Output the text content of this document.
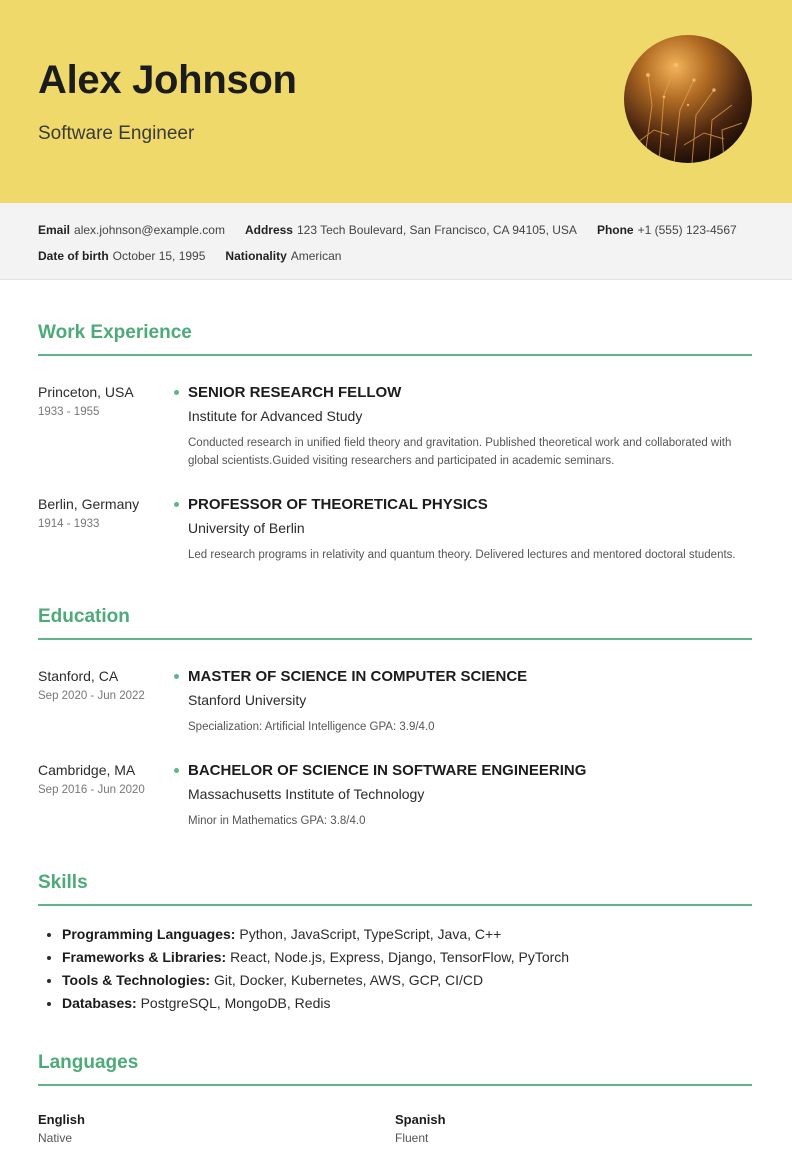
Alex Johnson
Software Engineer
Email alex.johnson@example.com Address 123 Tech Boulevard, San Francisco, CA 94105, USA Phone +1 (555) 123-4567
Date of birth October 15, 1995 Nationality American
Work Experience
Princeton, USA
1933 - 1955
SENIOR RESEARCH FELLOW
Institute for Advanced Study
Conducted research in unified field theory and gravitation. Published theoretical work and collaborated with global scientists.Guided visiting researchers and participated in academic seminars.
Berlin, Germany
1914 - 1933
PROFESSOR OF THEORETICAL PHYSICS
University of Berlin
Led research programs in relativity and quantum theory. Delivered lectures and mentored doctoral students.
Education
Stanford, CA
Sep 2020 - Jun 2022
MASTER OF SCIENCE IN COMPUTER SCIENCE
Stanford University
Specialization: Artificial Intelligence GPA: 3.9/4.0
Cambridge, MA
Sep 2016 - Jun 2020
BACHELOR OF SCIENCE IN SOFTWARE ENGINEERING
Massachusetts Institute of Technology
Minor in Mathematics GPA: 3.8/4.0
Skills
• Programming Languages: Python, JavaScript, TypeScript, Java, C++
• Frameworks & Libraries: React, Node.js, Express, Django, TensorFlow, PyTorch
• Tools & Technologies: Git, Docker, Kubernetes, AWS, GCP, CI/CD
• Databases: PostgreSQL, MongoDB, Redis
Languages
English
Native
Spanish
Fluent
